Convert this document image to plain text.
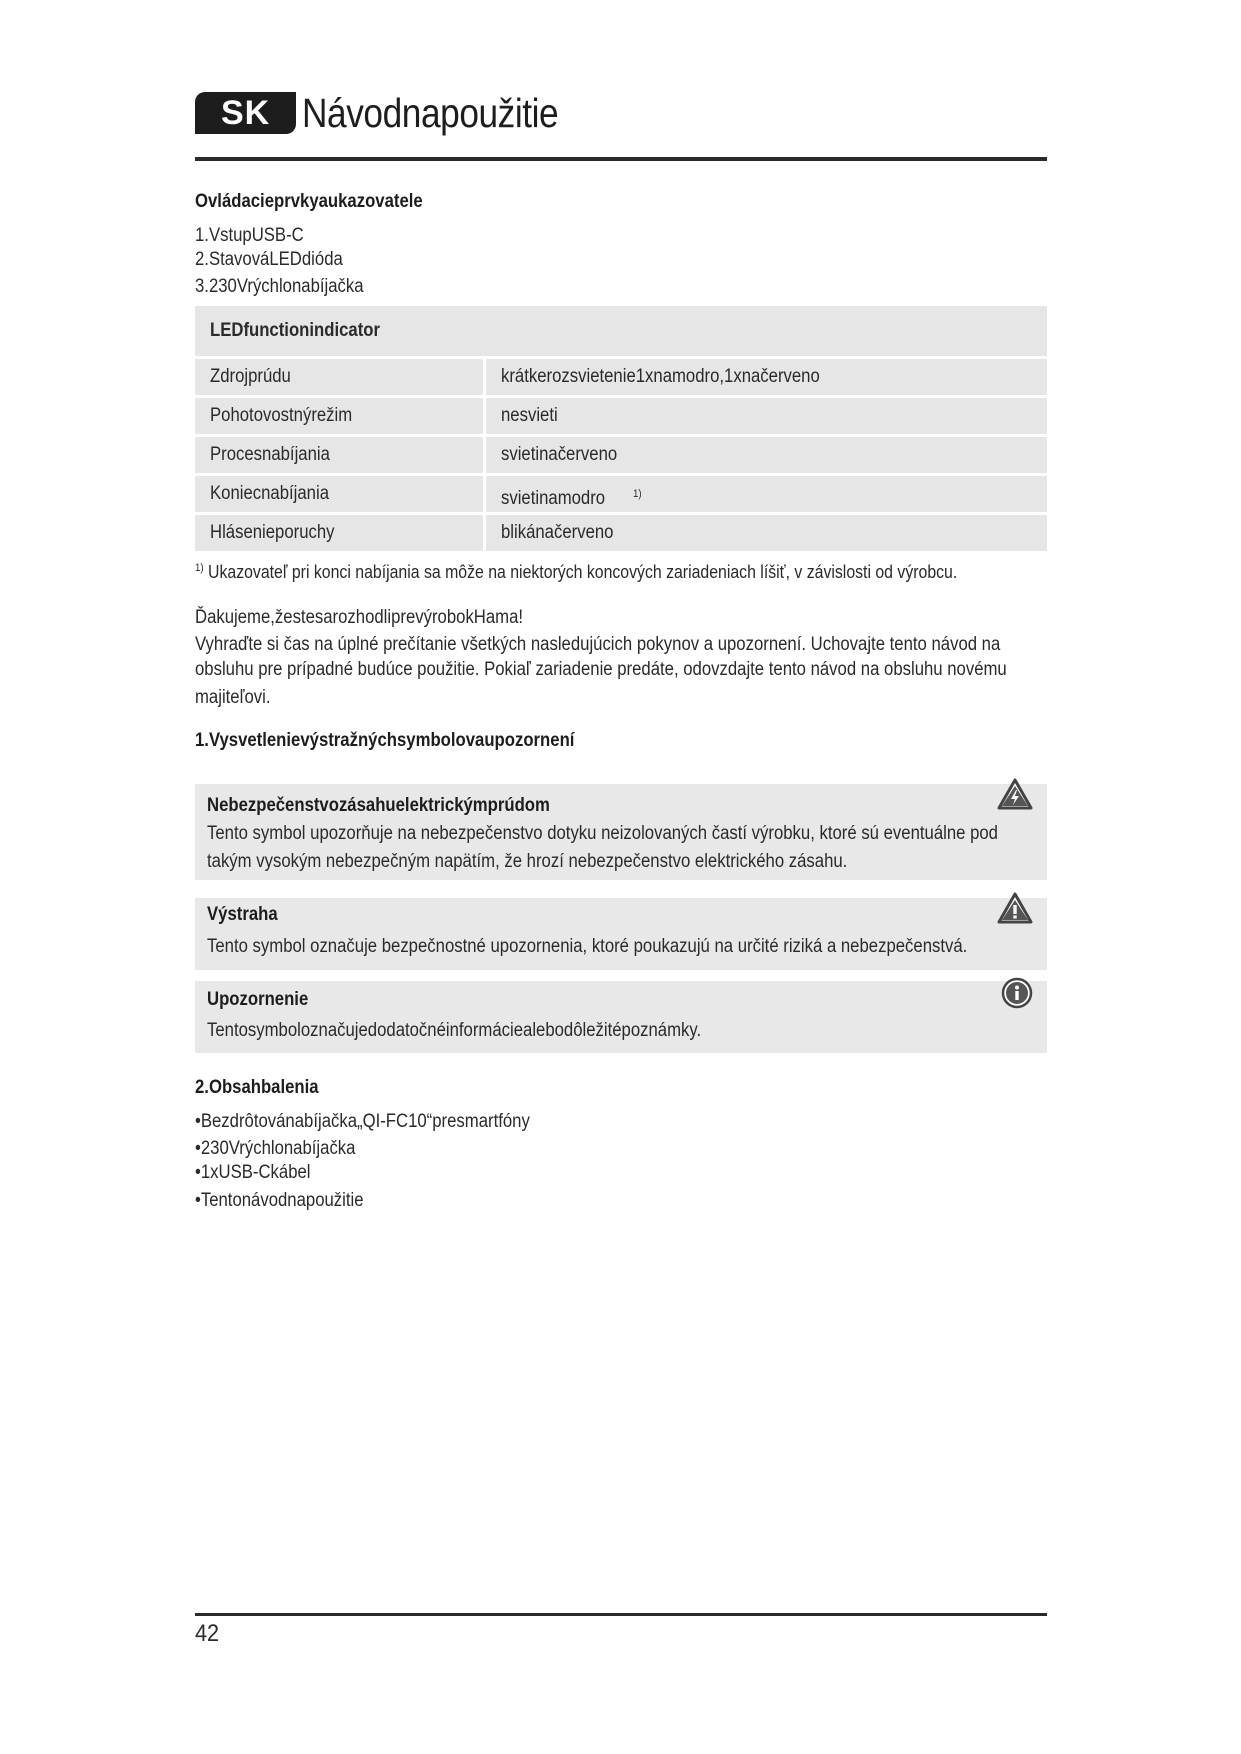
SK Návodnapoužitie
Ovládacieprvkyaukazovatele
1.VstupUSB-C
2.StavováLEDdióda
3.230Vrýchlonabíjačka
LEDfunctionindicator
Zdrojprúdu	krátkerozsvietenie1xnamodro,1xnačerveno
Pohotovostnýrežim	nesvieti
Procesnabíjania	svietinačerveno
Koniecnabíjania	svietinamodro	1)
Hlásenieporuchy	blikánačerveno
$^{1)}$ Ukazovateľ pri konci nabíjania sa môže na niektorých koncových zariadeniach líšiť, v závislosti od výrobcu.
Ďakujeme,žestesarozhodliprevýrobokHama!
Vyhraďte si čas na úplné prečítanie všetkých nasledujúcich pokynov a upozornení. Uchovajte tento návod na
obsluhu pre prípadné budúce použitie. Pokiaľ zariadenie predáte, odovzdajte tento návod na obsluhu novému
majiteľovi.
1.Vysvetlenievýstražnýchsymbolovaupozornení
Nebezpečenstvozásahuelektrickýmprúdom
Tento symbol upozorňuje na nebezpečenstvo dotyku neizolovaných častí výrobku, ktoré sú eventuálne pod
takým vysokým nebezpečným napätím, že hrozí nebezpečenstvo elektrického zásahu.
Výstraha
Tento symbol označuje bezpečnostné upozornenia, ktoré poukazujú na určité riziká a nebezpečenstvá.
Upozornenie
Tentosymboloznačujedodatočnéinformáciealebodôležitépoznámky.
2.Obsahbalenia
•Bezdrôtovánabíjačka„QI-FC10“presmartfóny
•230Vrýchlonabíjačka
•1xUSB-Ckábel
•Tentonávodnapoužitie
42
